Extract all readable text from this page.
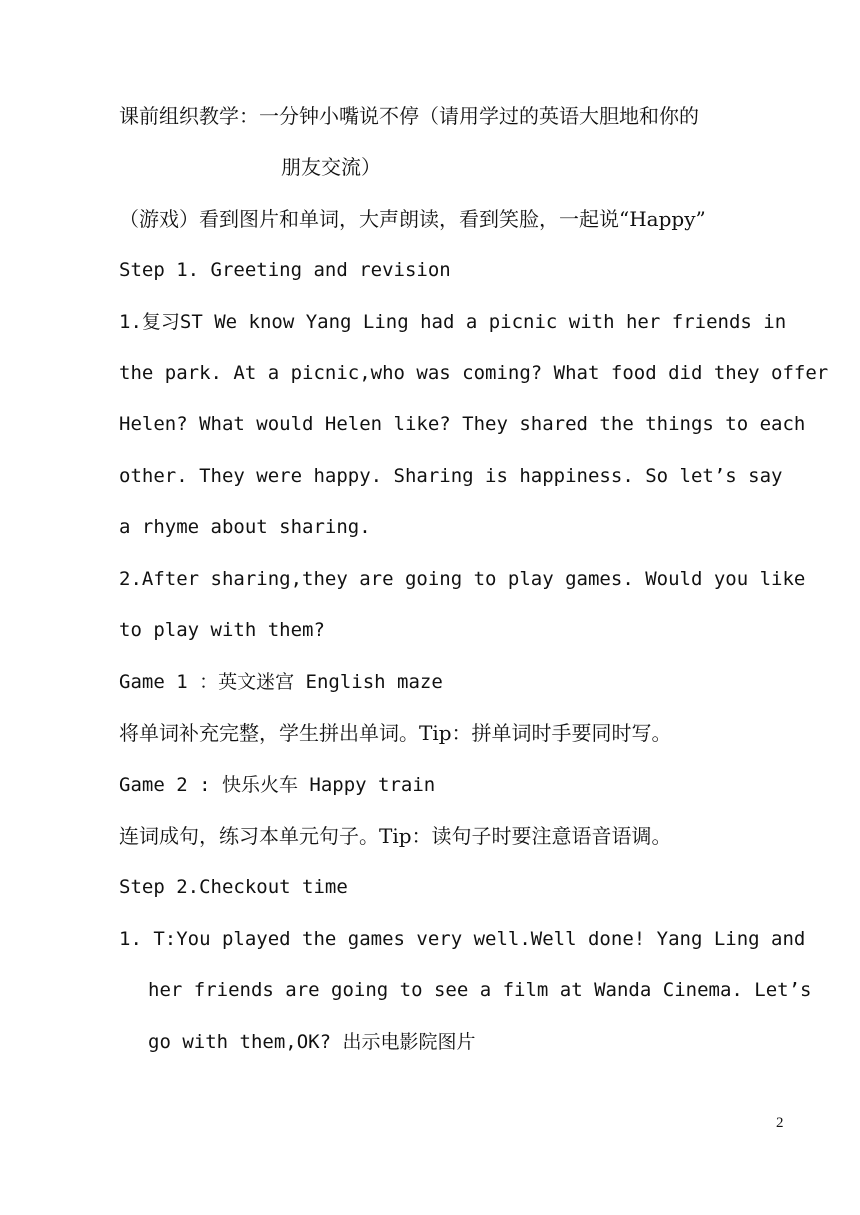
课前组织教学：一分钟小嘴说不停（请用学过的英语大胆地和你的
朋友交流）
（游戏）看到图片和单词，大声朗读，看到笑脸，一起说“Happy”
Step 1. Greeting and revision
1.复习ST We know Yang Ling had a picnic with her friends in
the park. At a picnic,who was coming? What food did they offer
Helen? What would Helen like? They shared the things to each
other. They were happy. Sharing is happiness. So let’s say
a rhyme about sharing.
2.After sharing,they are going to play games. Would you like
to play with them?
Game 1 ：英文迷宫 English maze
将单词补充完整，学生拼出单词。Tip：拼单词时手要同时写。
Game 2 : 快乐火车 Happy train
连词成句，练习本单元句子。Tip：读句子时要注意语音语调。
Step 2.Checkout time
1. T:You played the games very well.Well done! Yang Ling and
her friends are going to see a film at Wanda Cinema. Let’s
go with them,OK? 出示电影院图片
2
